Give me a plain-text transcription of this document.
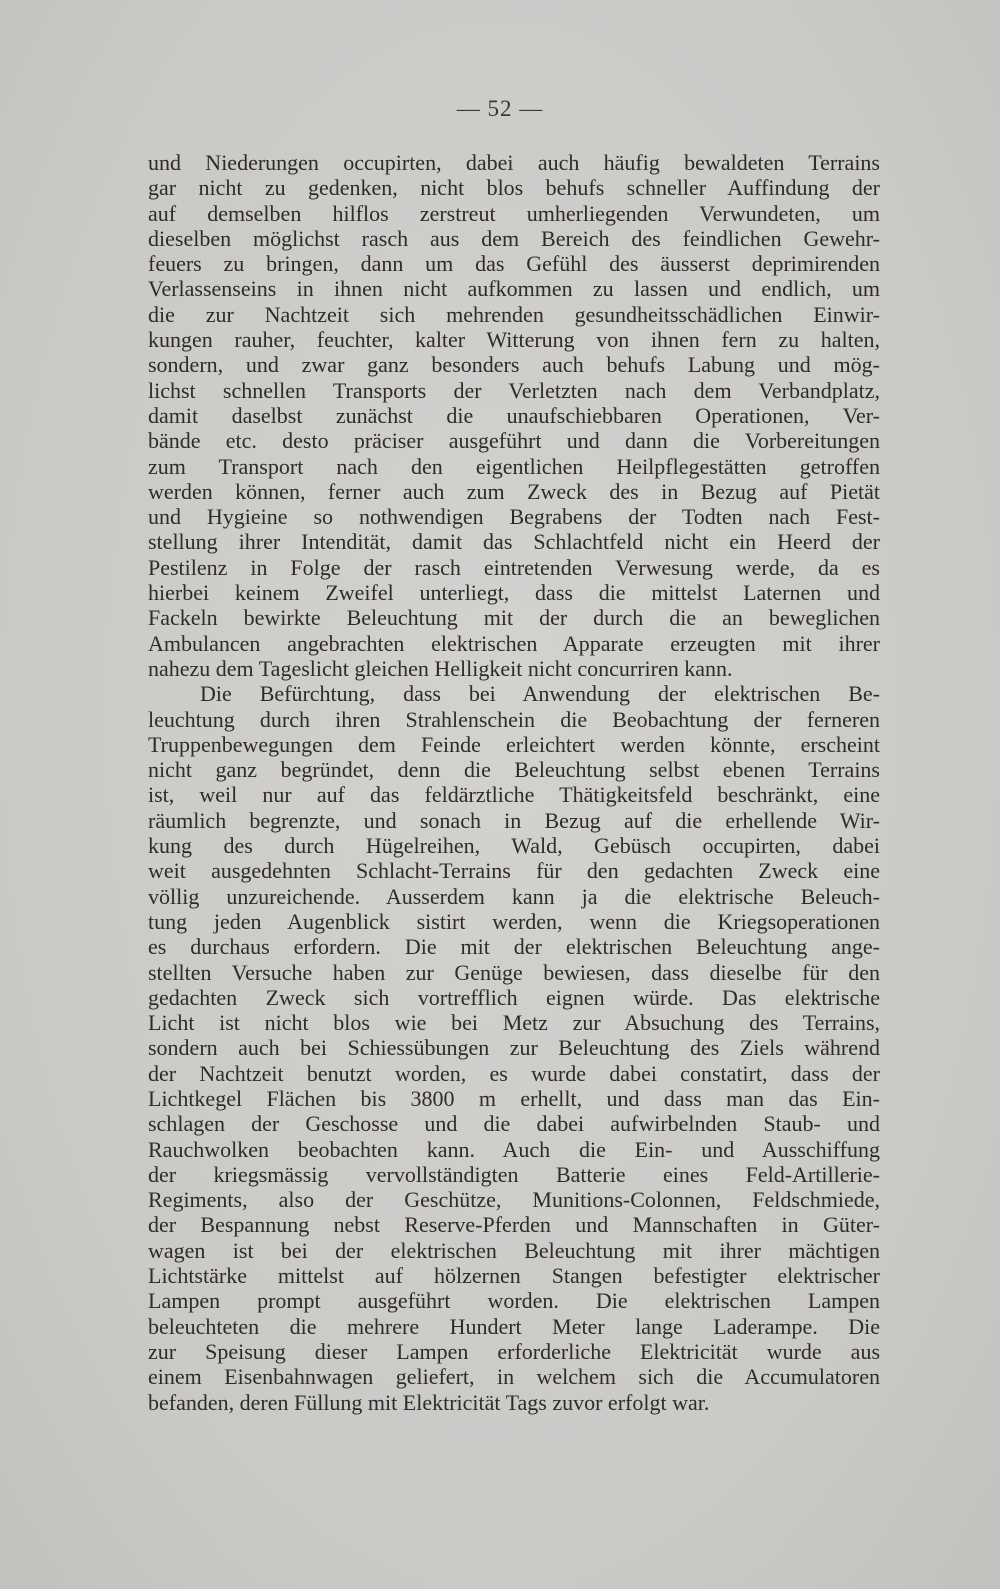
— 52 —
und Niederungen occupirten, dabei auch häufig bewaldeten Terrains
gar nicht zu gedenken, nicht blos behufs schneller Auffindung der
auf demselben hilflos zerstreut umherliegenden Verwundeten, um
dieselben möglichst rasch aus dem Bereich des feindlichen Gewehr-
feuers zu bringen, dann um das Gefühl des äusserst deprimirenden
Verlassenseins in ihnen nicht aufkommen zu lassen und endlich, um
die zur Nachtzeit sich mehrenden gesundheitsschädlichen Einwir-
kungen rauher, feuchter, kalter Witterung von ihnen fern zu halten,
sondern, und zwar ganz besonders auch behufs Labung und mög-
lichst schnellen Transports der Verletzten nach dem Verbandplatz,
damit daselbst zunächst die unaufschiebbaren Operationen, Ver-
bände etc. desto präciser ausgeführt und dann die Vorbereitungen
zum Transport nach den eigentlichen Heilpflegestätten getroffen
werden können, ferner auch zum Zweck des in Bezug auf Pietät
und Hygieine so nothwendigen Begrabens der Todten nach Fest-
stellung ihrer Intendität, damit das Schlachtfeld nicht ein Heerd der
Pestilenz in Folge der rasch eintretenden Verwesung werde, da es
hierbei keinem Zweifel unterliegt, dass die mittelst Laternen und
Fackeln bewirkte Beleuchtung mit der durch die an beweglichen
Ambulancen angebrachten elektrischen Apparate erzeugten mit ihrer
nahezu dem Tageslicht gleichen Helligkeit nicht concurriren kann.
Die Befürchtung, dass bei Anwendung der elektrischen Be-
leuchtung durch ihren Strahlenschein die Beobachtung der ferneren
Truppenbewegungen dem Feinde erleichtert werden könnte, erscheint
nicht ganz begründet, denn die Beleuchtung selbst ebenen Terrains
ist, weil nur auf das feldärztliche Thätigkeitsfeld beschränkt, eine
räumlich begrenzte, und sonach in Bezug auf die erhellende Wir-
kung des durch Hügelreihen, Wald, Gebüsch occupirten, dabei
weit ausgedehnten Schlacht-Terrains für den gedachten Zweck eine
völlig unzureichende. Ausserdem kann ja die elektrische Beleuch-
tung jeden Augenblick sistirt werden, wenn die Kriegsoperationen
es durchaus erfordern. Die mit der elektrischen Beleuchtung ange-
stellten Versuche haben zur Genüge bewiesen, dass dieselbe für den
gedachten Zweck sich vortrefflich eignen würde. Das elektrische
Licht ist nicht blos wie bei Metz zur Absuchung des Terrains,
sondern auch bei Schiessübungen zur Beleuchtung des Ziels während
der Nachtzeit benutzt worden, es wurde dabei constatirt, dass der
Lichtkegel Flächen bis 3800 m erhellt, und dass man das Ein-
schlagen der Geschosse und die dabei aufwirbelnden Staub- und
Rauchwolken beobachten kann. Auch die Ein- und Ausschiffung
der kriegsmässig vervollständigten Batterie eines Feld-Artillerie-
Regiments, also der Geschütze, Munitions-Colonnen, Feldschmiede,
der Bespannung nebst Reserve-Pferden und Mannschaften in Güter-
wagen ist bei der elektrischen Beleuchtung mit ihrer mächtigen
Lichtstärke mittelst auf hölzernen Stangen befestigter elektrischer
Lampen prompt ausgeführt worden. Die elektrischen Lampen
beleuchteten die mehrere Hundert Meter lange Laderampe. Die
zur Speisung dieser Lampen erforderliche Elektricität wurde aus
einem Eisenbahnwagen geliefert, in welchem sich die Accumulatoren
befanden, deren Füllung mit Elektricität Tags zuvor erfolgt war.
